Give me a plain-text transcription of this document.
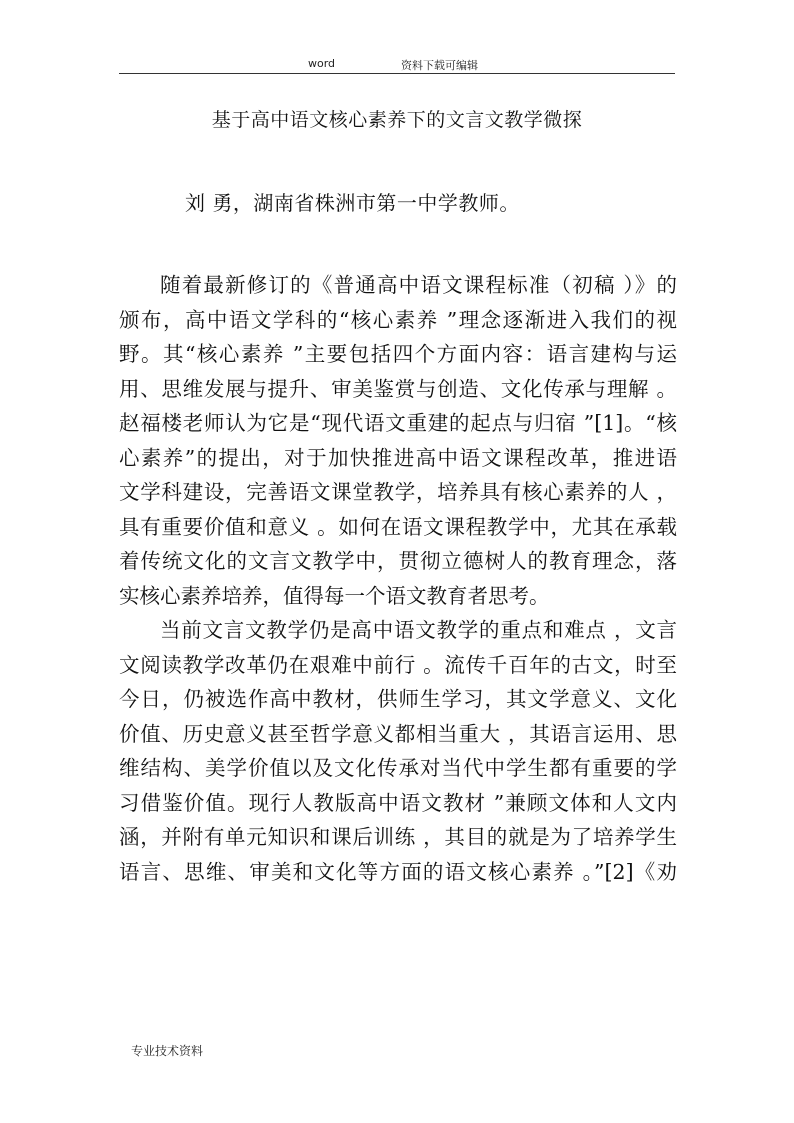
word	资料下载可编辑
基于高中语文核心素养下的文言文教学微探
刘 勇，湖南省株洲市第一中学教师。
随着最新修订的《普通高中语文课程标准（初稿 ）》的
颁布，高中语文学科的“核心素养 ”理念逐渐进入我们的视
野。其“核心素养 ”主要包括四个方面内容：语言建构与运
用、思维发展与提升、审美鉴赏与创造、文化传承与理解 。
赵福楼老师认为它是“现代语文重建的起点与归宿 ”[1]。“核
心素养”的提出，对于加快推进高中语文课程改革，推进语
文学科建设，完善语文课堂教学，培养具有核心素养的人 ，
具有重要价值和意义 。如何在语文课程教学中，尤其在承载
着传统文化的文言文教学中，贯彻立德树人的教育理念，落
实核心素养培养，值得每一个语文教育者思考。
当前文言文教学仍是高中语文教学的重点和难点 ，文言
文阅读教学改革仍在艰难中前行 。流传千百年的古文，时至
今日，仍被选作高中教材，供师生学习，其文学意义、文化
价值、历史意义甚至哲学意义都相当重大 ，其语言运用、思
维结构、美学价值以及文化传承对当代中学生都有重要的学
习借鉴价值。现行人教版高中语文教材 ”兼顾文体和人文内
涵，并附有单元知识和课后训练 ，其目的就是为了培养学生
语言、思维、审美和文化等方面的语文核心素养 。”[2]《劝
专业技术资料
